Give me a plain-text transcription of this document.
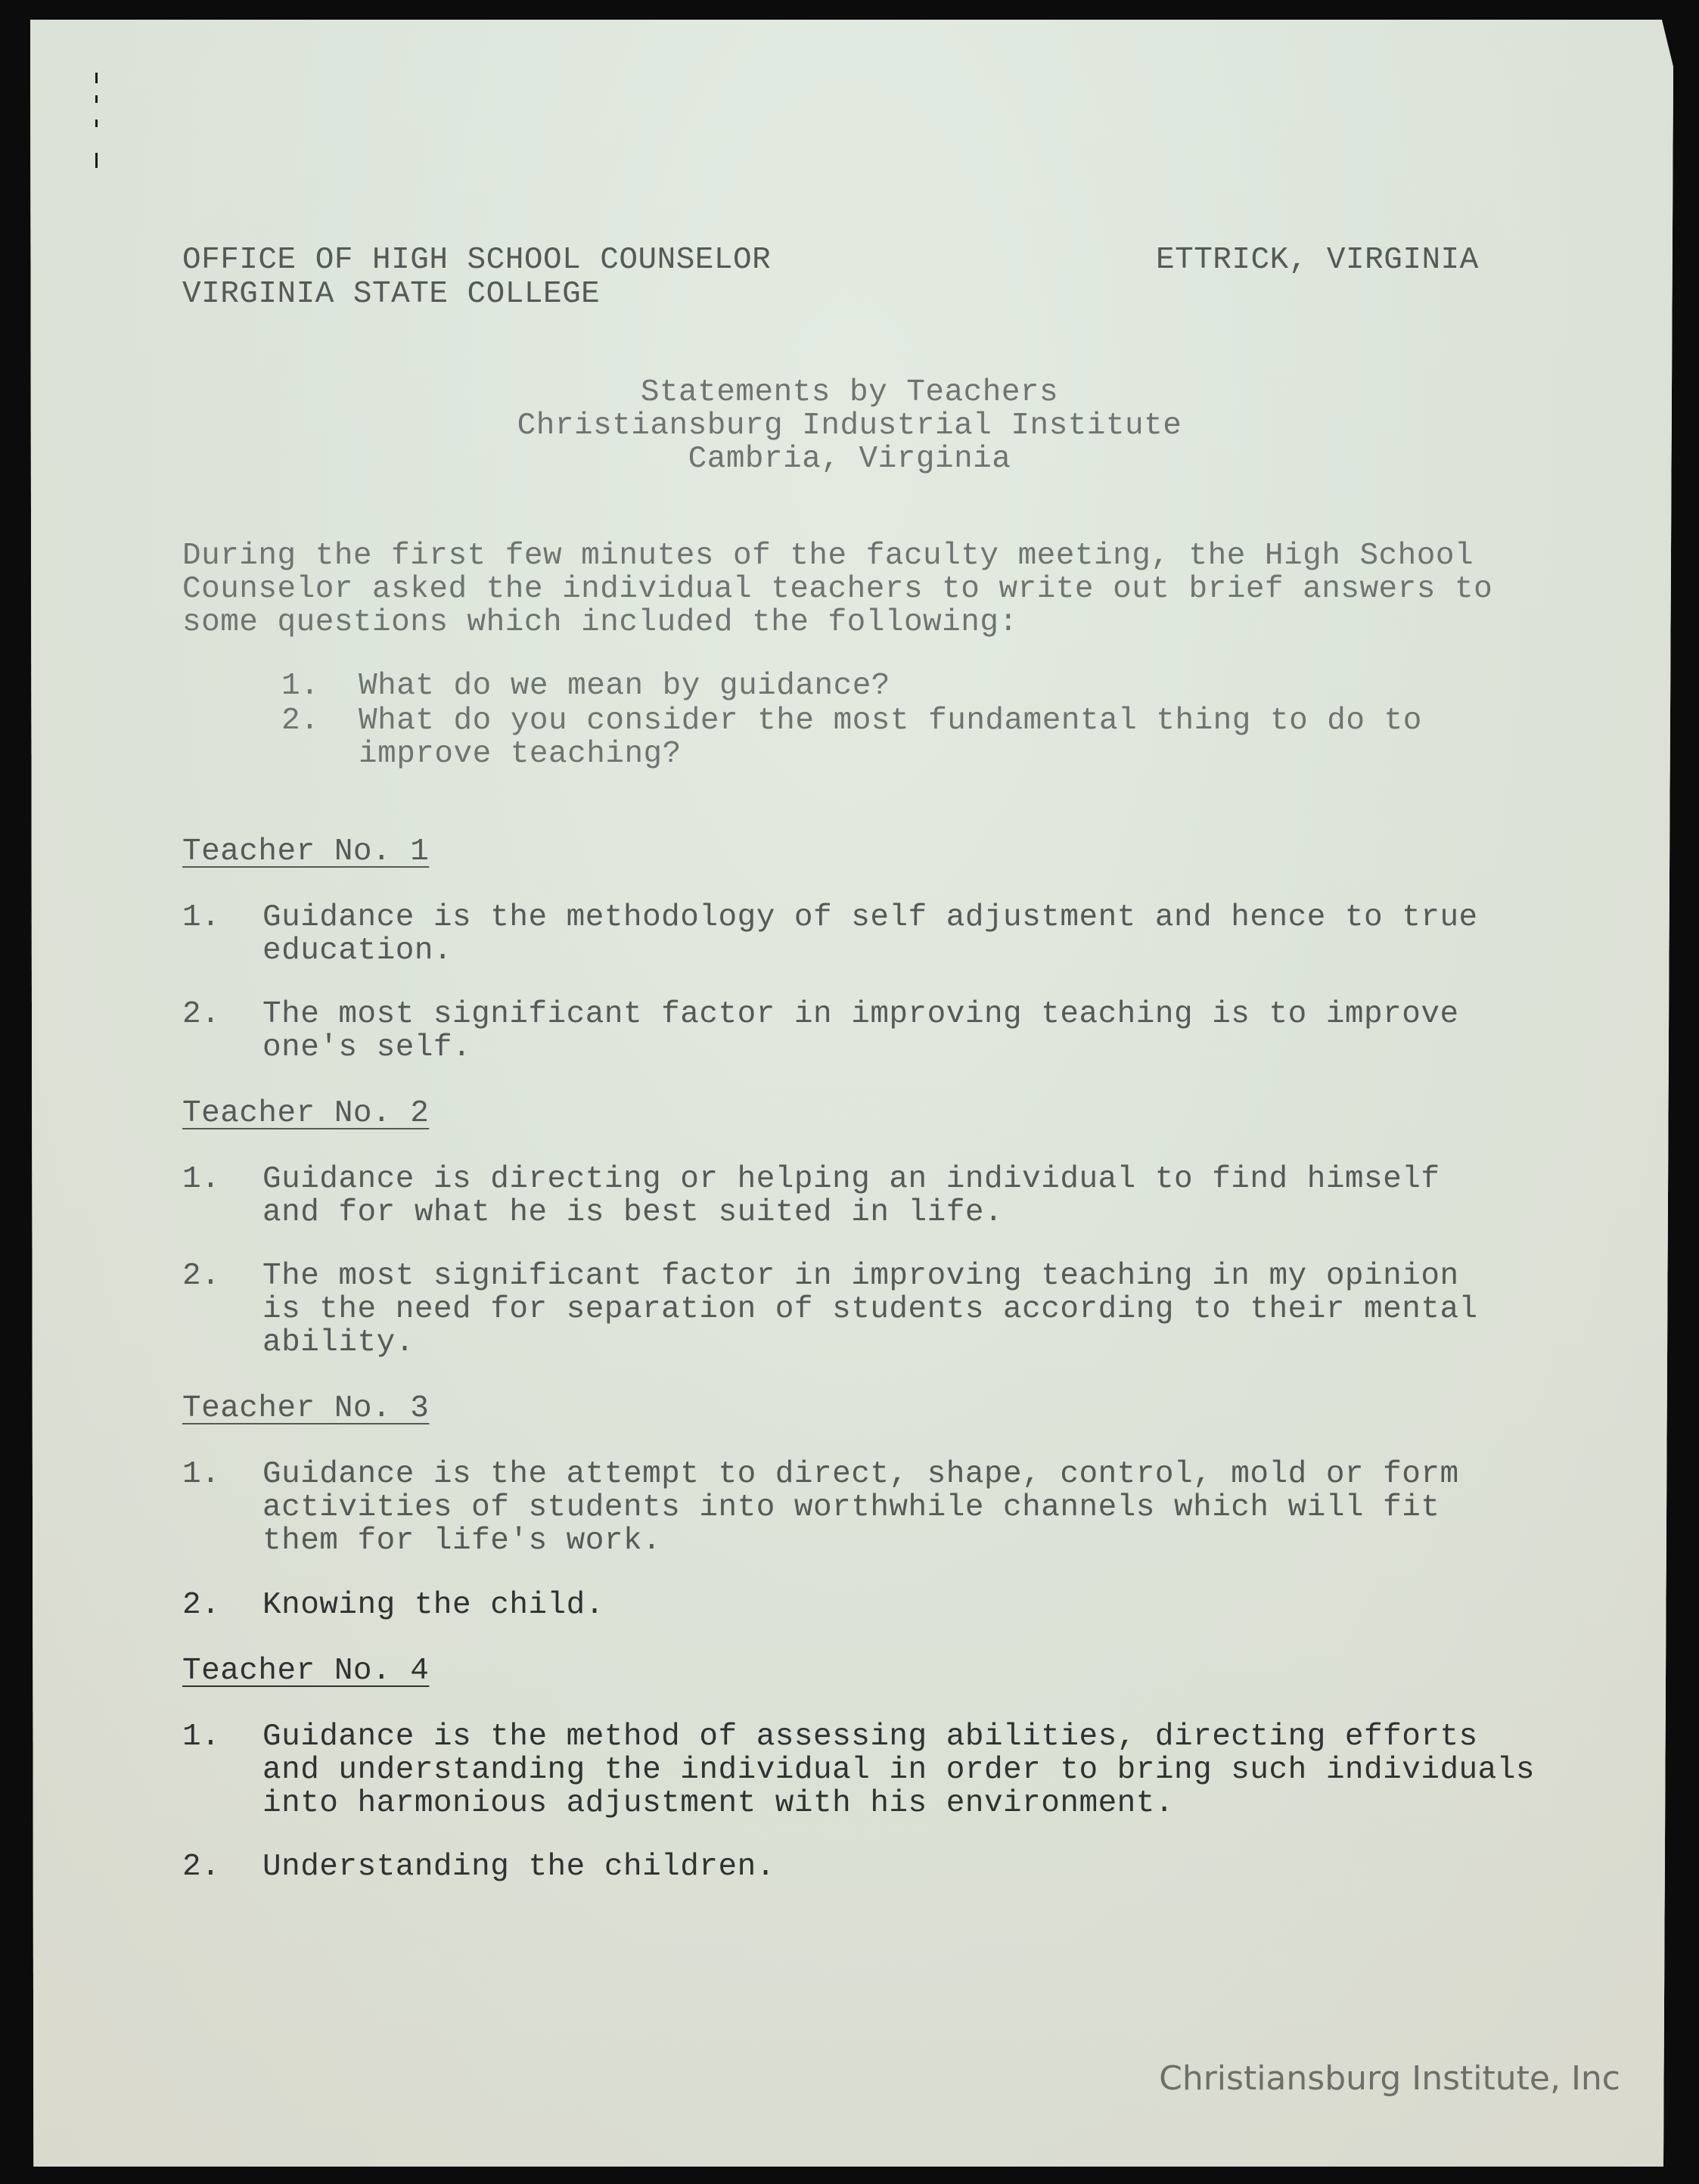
OFFICE OF HIGH SCHOOL COUNSELOR
VIRGINIA STATE COLLEGE
ETTRICK, VIRGINIA
Statements by Teachers
Christiansburg Industrial Institute
Cambria, Virginia
During the first few minutes of the faculty meeting, the High School
Counselor asked the individual teachers to write out brief answers to
some questions which included the following:
1. What do we mean by guidance?
2. What do you consider the most fundamental thing to do to
improve teaching?
Teacher No. 1
1. Guidance is the methodology of self adjustment and hence to true
education.
2. The most significant factor in improving teaching is to improve
one's self.
Teacher No. 2
1. Guidance is directing or helping an individual to find himself
and for what he is best suited in life.
2. The most significant factor in improving teaching in my opinion
is the need for separation of students according to their mental
ability.
Teacher No. 3
1. Guidance is the attempt to direct, shape, control, mold or form
activities of students into worthwhile channels which will fit
them for life's work.
2. Knowing the child.
Teacher No. 4
1. Guidance is the method of assessing abilities, directing efforts
and understanding the individual in order to bring such individuals
into harmonious adjustment with his environment.
2. Understanding the children.
Christiansburg Institute, Inc
